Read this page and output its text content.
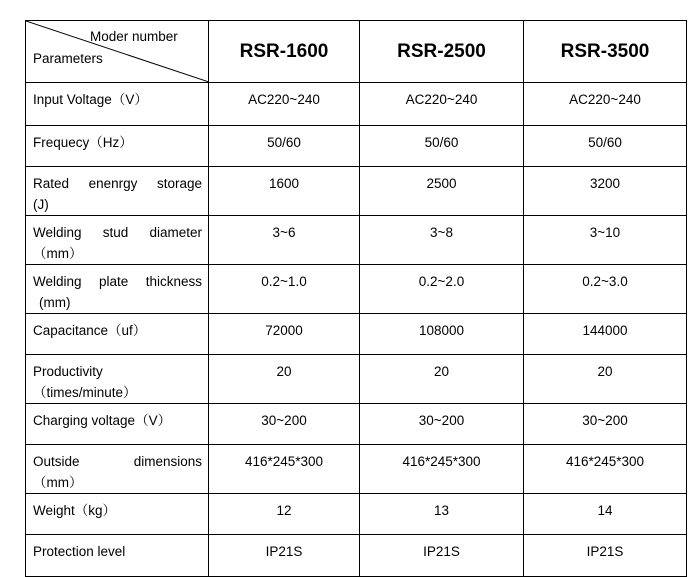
Moder number
Parameters	RSR-1600	RSR-2500	RSR-3500
Input Voltage（V）	AC220~240	AC220~240	AC220~240
Frequecy（Hz）	50/60	50/60	50/60

Rated enenrgy storage
(J)	1600	2500	3200

Welding stud diameter
（mm）	3~6	3~8	3~10

Welding plate thickness
(mm)	0.2~1.0	0.2~2.0	0.2~3.0
Capacitance（uf）	72000	108000	144000

Productivity
（times/minute）	20	20	20
Charging voltage（V）	30~200	30~200	30~200

Outside dimensions
（mm）	416*245*300	416*245*300	416*245*300
Weight（kg）	12	13	14
Protection level	IP21S	IP21S	IP21S
